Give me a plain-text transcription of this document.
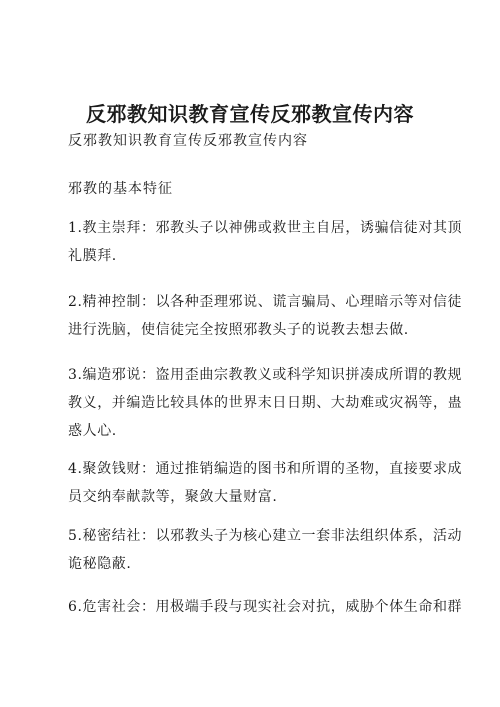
反邪教知识教育宣传反邪教宣传内容
反邪教知识教育宣传反邪教宣传内容
邪教的基本特征
1.教主崇拜：邪教头子以神佛或救世主自居，诱骗信徒对其顶
礼膜拜.
2.精神控制：以各种歪理邪说、谎言骗局、心理暗示等对信徒
进行洗脑，使信徒完全按照邪教头子的说教去想去做.
3.编造邪说：盗用歪曲宗教教义或科学知识拼凑成所谓的教规
教义，并编造比较具体的世界末日日期、大劫难或灾祸等，蛊
惑人心.
4.聚敛钱财：通过推销编造的图书和所谓的圣物，直接要求成
员交纳奉献款等，聚敛大量财富.
5.秘密结社：以邪教头子为核心建立一套非法组织体系，活动
诡秘隐蔽.
6.危害社会：用极端手段与现实社会对抗，威胁个体生命和群
